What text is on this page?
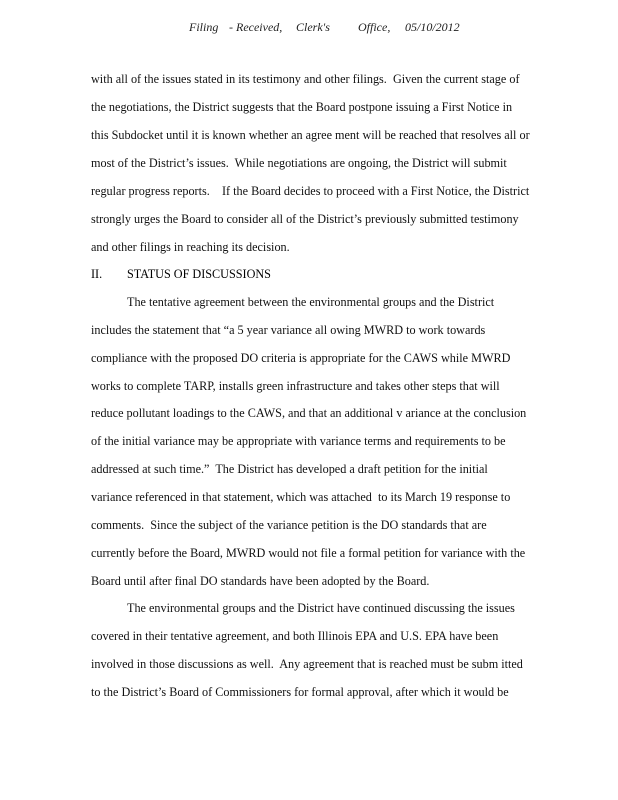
Filing - Received, Clerk's Office, 05/10/2012
with all of the issues stated in its testimony and other filings.  Given the current stage of
the negotiations, the District suggests that the Board postpone issuing a First Notice in
this Subdocket until it is known whether an agree ment will be reached that resolves all or
most of the District’s issues.  While negotiations are ongoing, the District will submit
regular progress reports.    If the Board decides to proceed with a First Notice, the District
strongly urges the Board to consider all of the District’s previously submitted testimony
and other filings in reaching its decision.
II. STATUS OF DISCUSSIONS
The tentative agreement between the environmental groups and the District
includes the statement that “a 5 year variance all owing MWRD to work towards
compliance with the proposed DO criteria is appropriate for the CAWS while MWRD
works to complete TARP, installs green infrastructure and takes other steps that will
reduce pollutant loadings to the CAWS, and that an additional v ariance at the conclusion
of the initial variance may be appropriate with variance terms and requirements to be
addressed at such time.”  The District has developed a draft petition for the initial
variance referenced in that statement, which was attached  to its March 19 response to
comments.  Since the subject of the variance petition is the DO standards that are
currently before the Board, MWRD would not file a formal petition for variance with the
Board until after final DO standards have been adopted by the Board.
The environmental groups and the District have continued discussing the issues
covered in their tentative agreement, and both Illinois EPA and U.S. EPA have been
involved in those discussions as well.  Any agreement that is reached must be subm itted
to the District’s Board of Commissioners for formal approval, after which it would be
